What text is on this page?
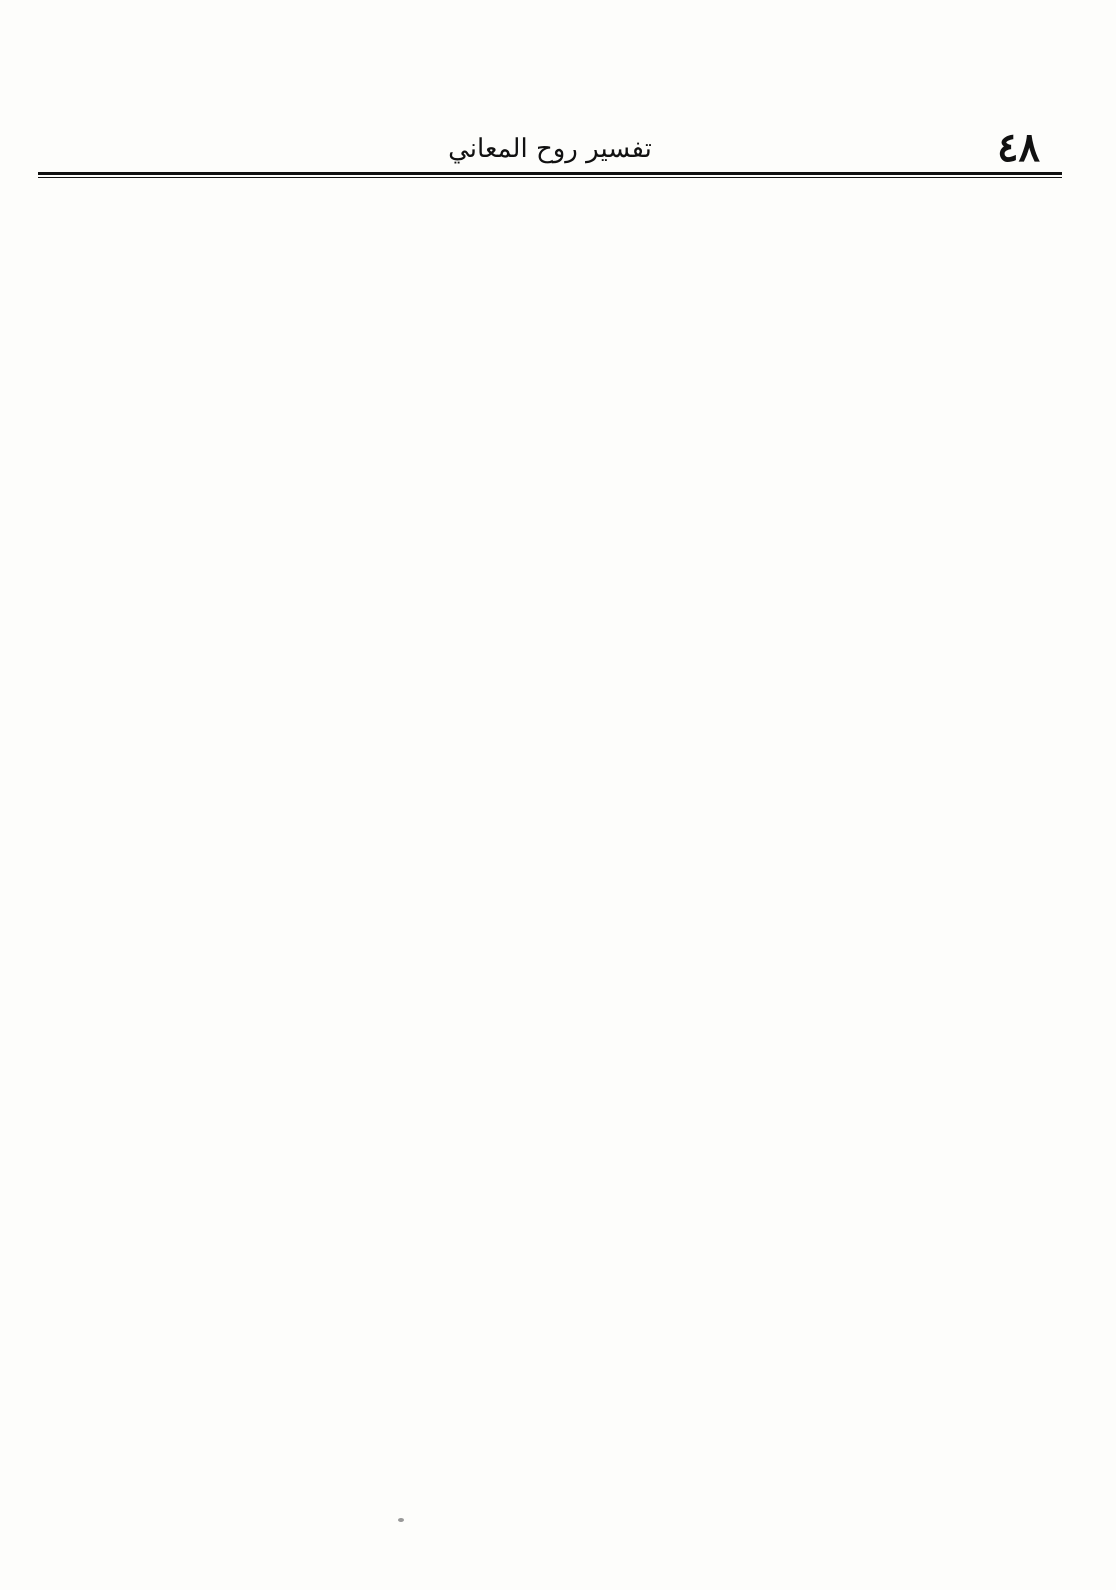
٤٨
تفسير روح المعاني
